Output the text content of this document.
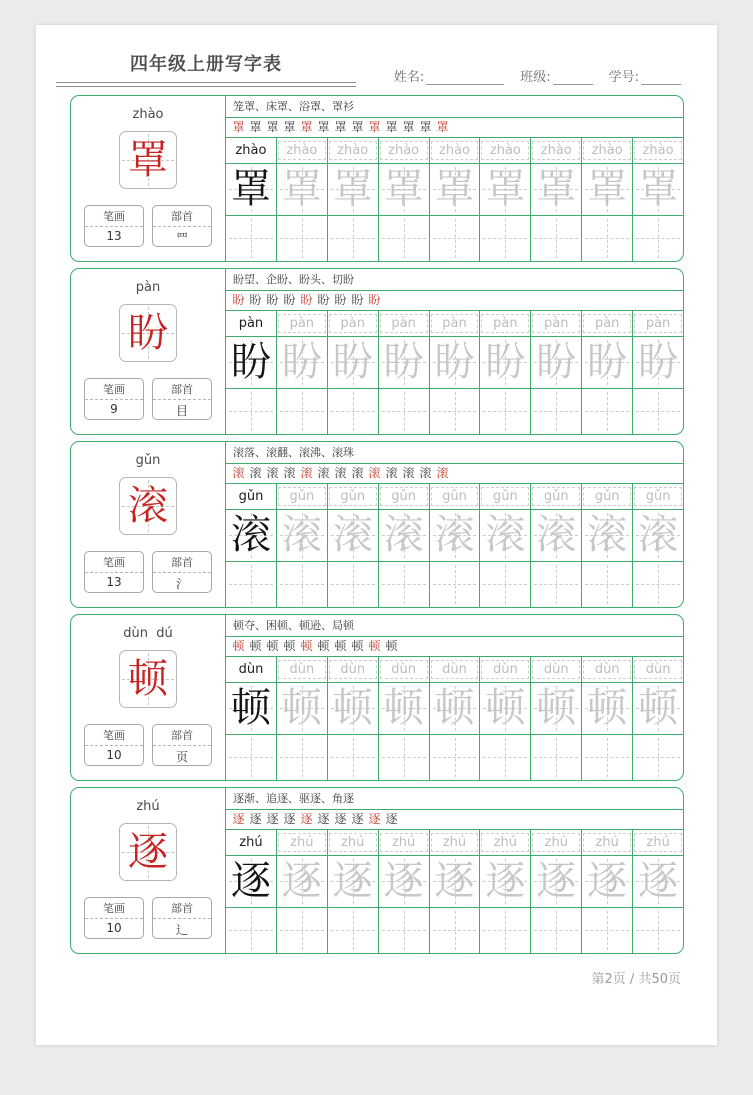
四年级上册写字表
姓名:	班级:	学号:
zhào
罩
笔画
13
部首
罒
笼罩、床罩、浴罩、罩衫
罩 罩 罩 罩 罩 罩 罩 罩 罩 罩 罩 罩 罩
zhào	zhào	zhào	zhào	zhào	zhào	zhào	zhào	zhào
罩 罩 罩 罩 罩 罩 罩 罩 罩
pàn
盼
笔画
9
部首
目
盼望、企盼、盼头、切盼
盼 盼 盼 盼 盼 盼 盼 盼 盼
pàn	pàn	pàn	pàn	pàn	pàn	pàn	pàn	pàn
盼 盼 盼 盼 盼 盼 盼 盼 盼
gǔn
滚
笔画
13
部首
氵
滚落、滚翻、滚沸、滚珠
滚 滚 滚 滚 滚 滚 滚 滚 滚 滚 滚 滚 滚
gǔn	gǔn	gǔn	gǔn	gǔn	gǔn	gǔn	gǔn	gǔn
滚 滚 滚 滚 滚 滚 滚 滚 滚
dùn  dú
顿
笔画
10
部首
页
顿夺、困顿、顿逊、局顿
顿 顿 顿 顿 顿 顿 顿 顿 顿 顿
dùn	dùn	dùn	dùn	dùn	dùn	dùn	dùn	dùn
顿 顿 顿 顿 顿 顿 顿 顿 顿
zhú
逐
笔画
10
部首
辶
逐渐、追逐、驱逐、角逐
逐 逐 逐 逐 逐 逐 逐 逐 逐 逐
zhú	zhú	zhú	zhú	zhú	zhú	zhú	zhú	zhú
逐 逐 逐 逐 逐 逐 逐 逐 逐
第2页 / 共50页
